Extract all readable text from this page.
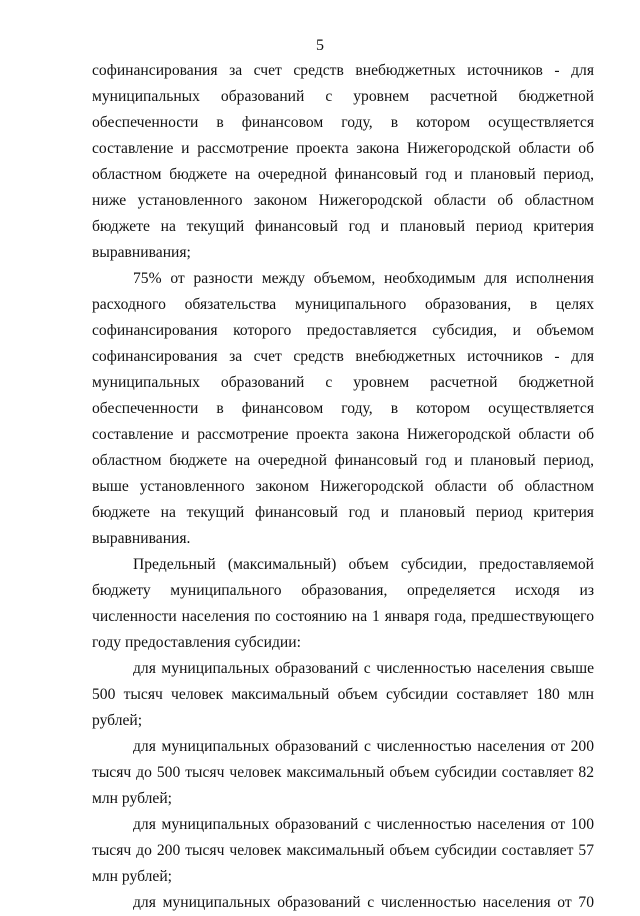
5

софинансирования за счет средств внебюджетных источников - для муниципальных образований с уровнем расчетной бюджетной обеспеченности в финансовом году, в котором осуществляется составление и рассмотрение проекта закона Нижегородской области об областном бюджете на очередной финансовый год и плановый период, ниже установленного законом Нижегородской области об областном бюджете на текущий финансовый год и плановый период критерия выравнивания;

75% от разности между объемом, необходимым для исполнения расходного обязательства муниципального образования, в целях софинансирования которого предоставляется субсидия, и объемом софинансирования за счет средств внебюджетных источников - для муниципальных образований с уровнем расчетной бюджетной обеспеченности в финансовом году, в котором осуществляется составление и рассмотрение проекта закона Нижегородской области об областном бюджете на очередной финансовый год и плановый период, выше установленного законом Нижегородской области об областном бюджете на текущий финансовый год и плановый период критерия выравнивания.

Предельный (максимальный) объем субсидии, предоставляемой бюджету муниципального образования, определяется исходя из численности населения по состоянию на 1 января года, предшествующего году предоставления субсидии:

для муниципальных образований с численностью населения свыше 500 тысяч человек максимальный объем субсидии составляет 180 млн рублей;

для муниципальных образований с численностью населения от 200 тысяч до 500 тысяч человек максимальный объем субсидии составляет 82 млн рублей;

для муниципальных образований с численностью населения от 100 тысяч до 200 тысяч человек максимальный объем субсидии составляет 57 млн рублей;

для муниципальных образований с численностью населения от 70
